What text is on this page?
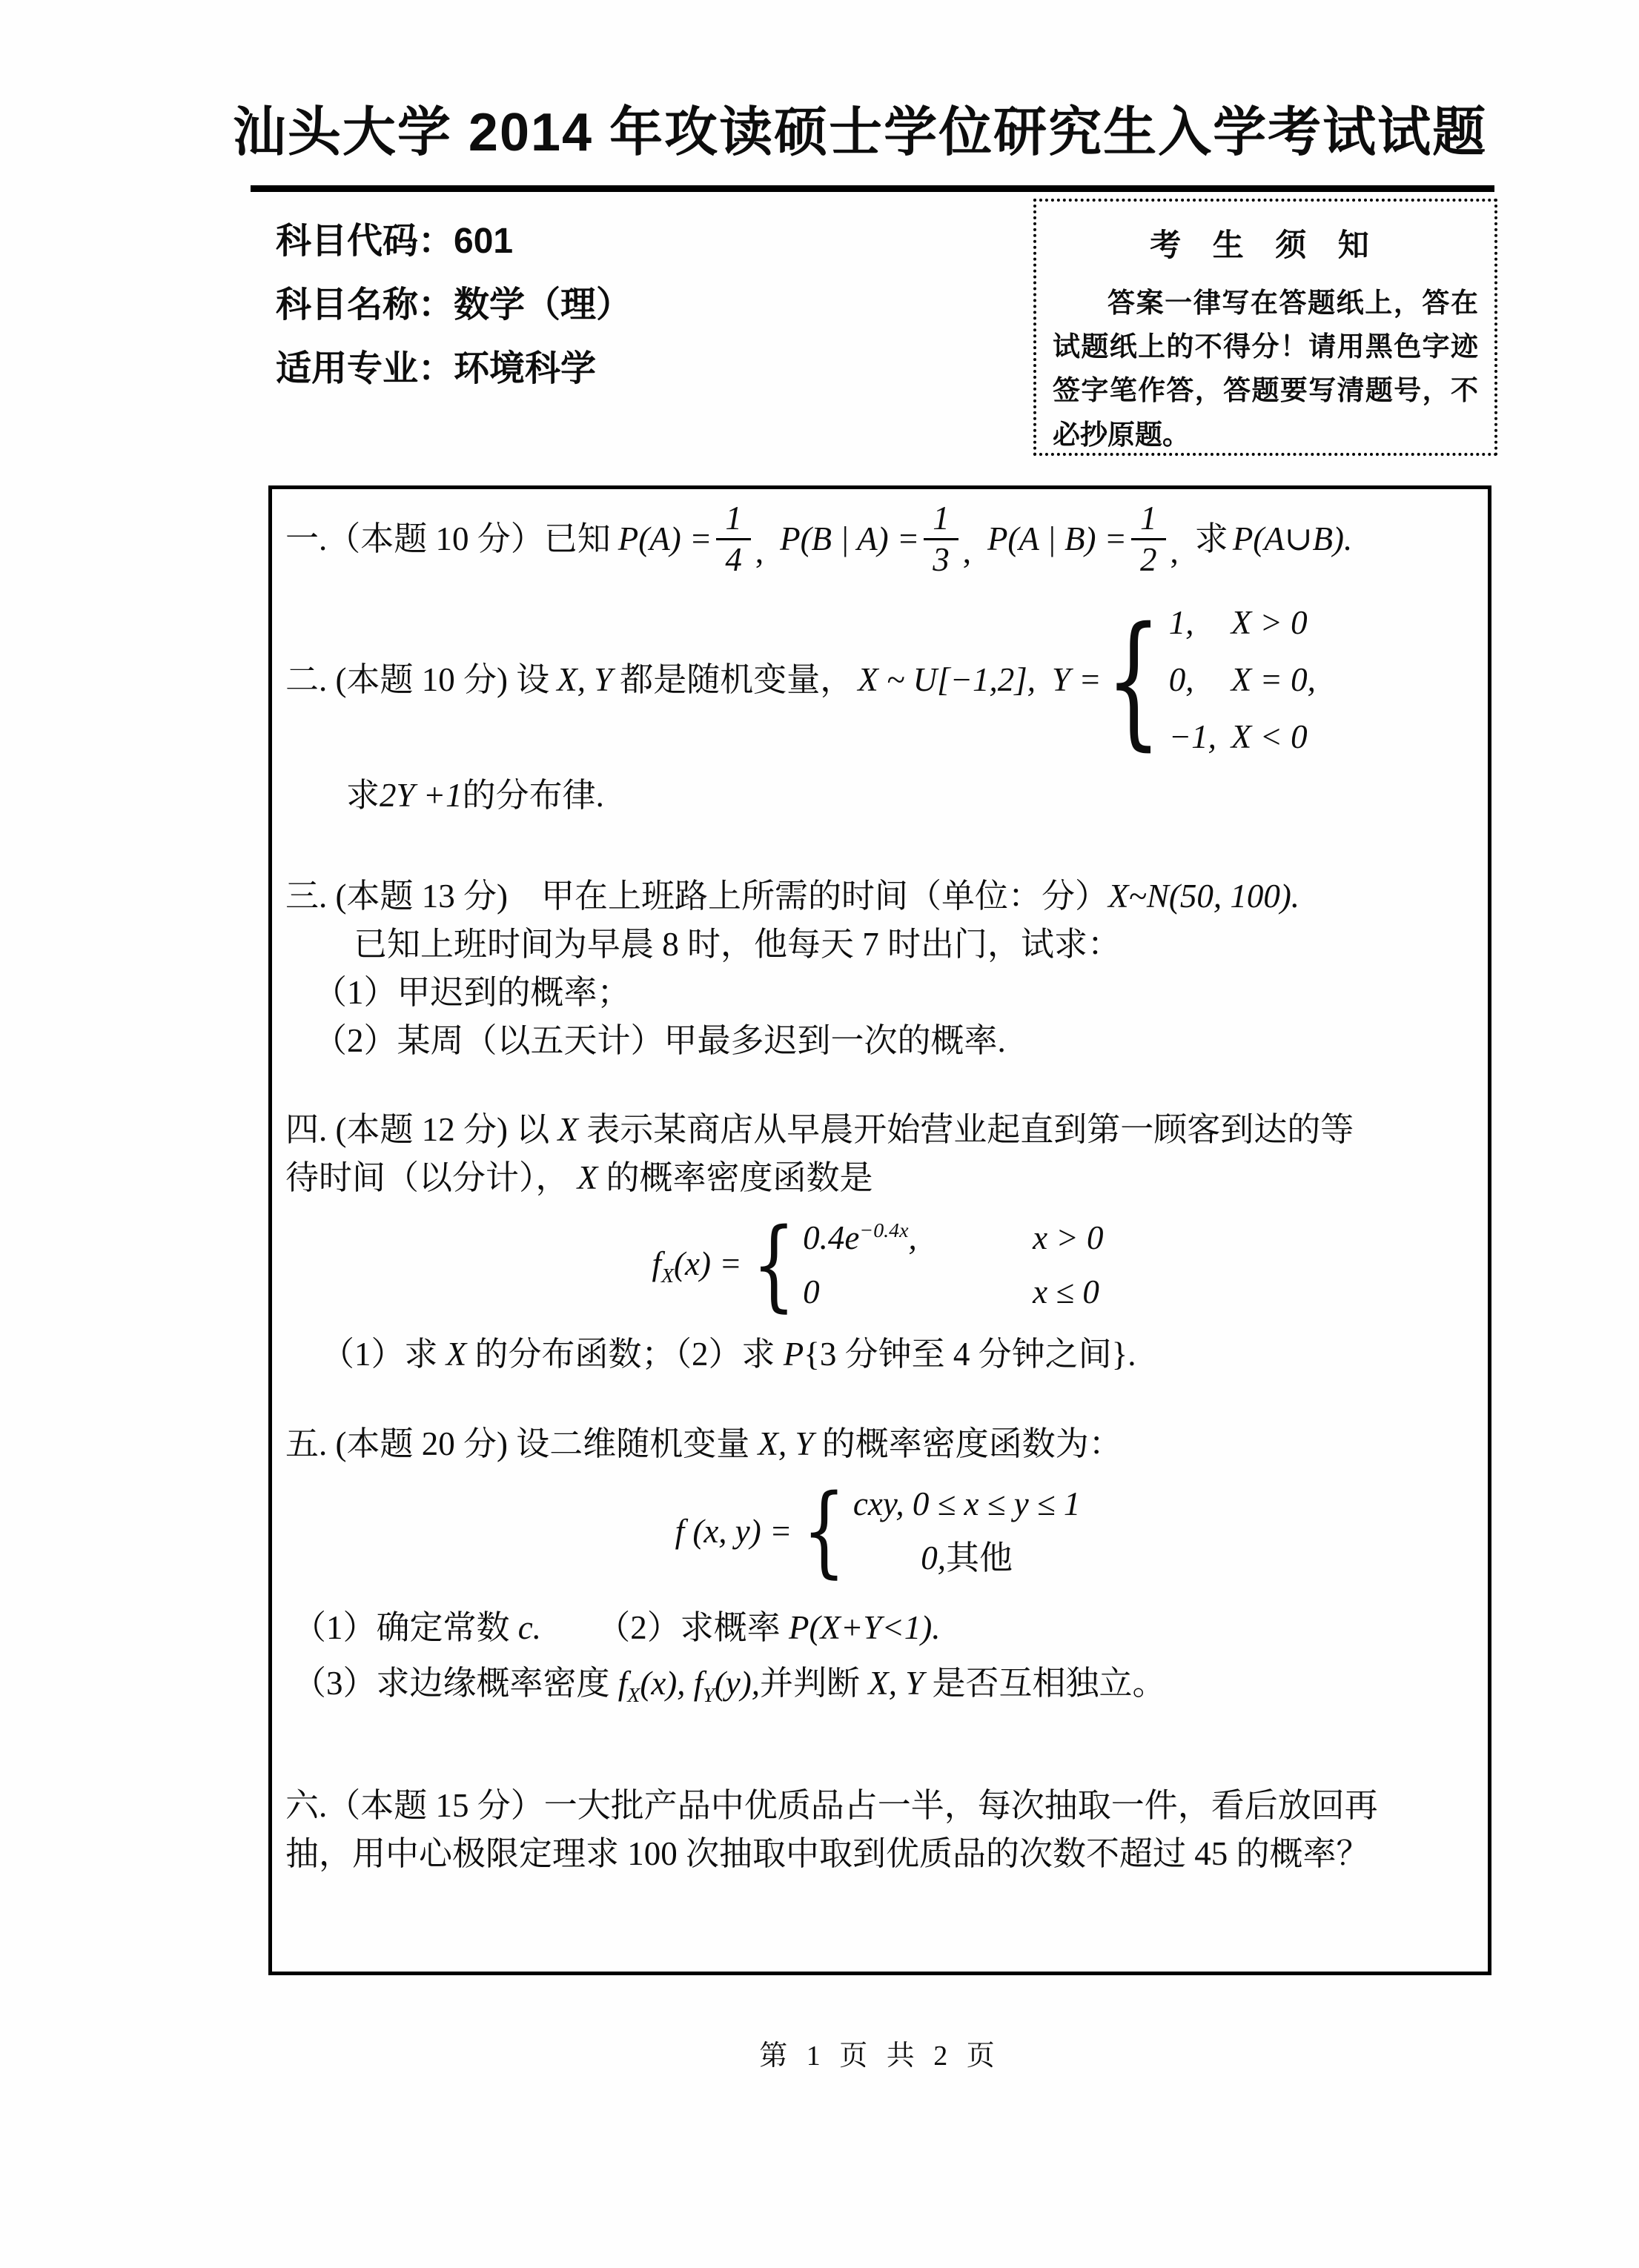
汕头大学 2014 年攻读硕士学位研究生入学考试试题
科目代码：601
科目名称：数学（理）
适用专业：环境科学

考 生 须 知

答案一律写在答题纸上，答在试题纸上的不得分！请用黑色字迹签字笔作答，答题要写清题号，不必抄原题。

一.（本题 10 分）已知 $P(A) = \frac{1}{4}$ , P(B | $A) = \frac{1}{3}$ , P(A | $B) = \frac{1}{2}$ , 求 P(A∪B).
二. (本题 10 分) 设 X, Y 都是随机变量， X ~ U[−1,2], Y = { 1,	X > 0
0,	X = 0,
−1, X < 0
求2Y +1的分布律.
三. (本题 13 分)　甲在上班路上所需的时间（单位：分）X~N(50, 100).
已知上班时间为早晨 8 时，他每天 7 时出门，试求：
（1）甲迟到的概率；
（2）某周（以五天计）甲最多迟到一次的概率.
四. (本题 12 分) 以 X 表示某商店从早晨开始营业起直到第一顾客到达的等
待时间（以分计）， X 的概率密度函数是
$f_X(x)$ = { $0.4e^{-0.4x}$,	x > 0
0	x ≤ 0
（1）求 X 的分布函数；（2）求 P{3 分钟至 4 分钟之间}.
五. (本题 20 分) 设二维随机变量 X, Y 的概率密度函数为：
f (x, y) = { cxy, 0 ≤ x ≤ y ≤ 1
0,其他
（1）确定常数 c. （2）求概率 P(X+Y<1).
（3）求边缘概率密度 $f_X(x)$, $f_Y(y)$,并判断 X, Y 是否互相独立。
六.（本题 15 分）一大批产品中优质品占一半，每次抽取一件，看后放回再
抽，用中心极限定理求 100 次抽取中取到优质品的次数不超过 45 的概率？
第 1 页 共 2 页
